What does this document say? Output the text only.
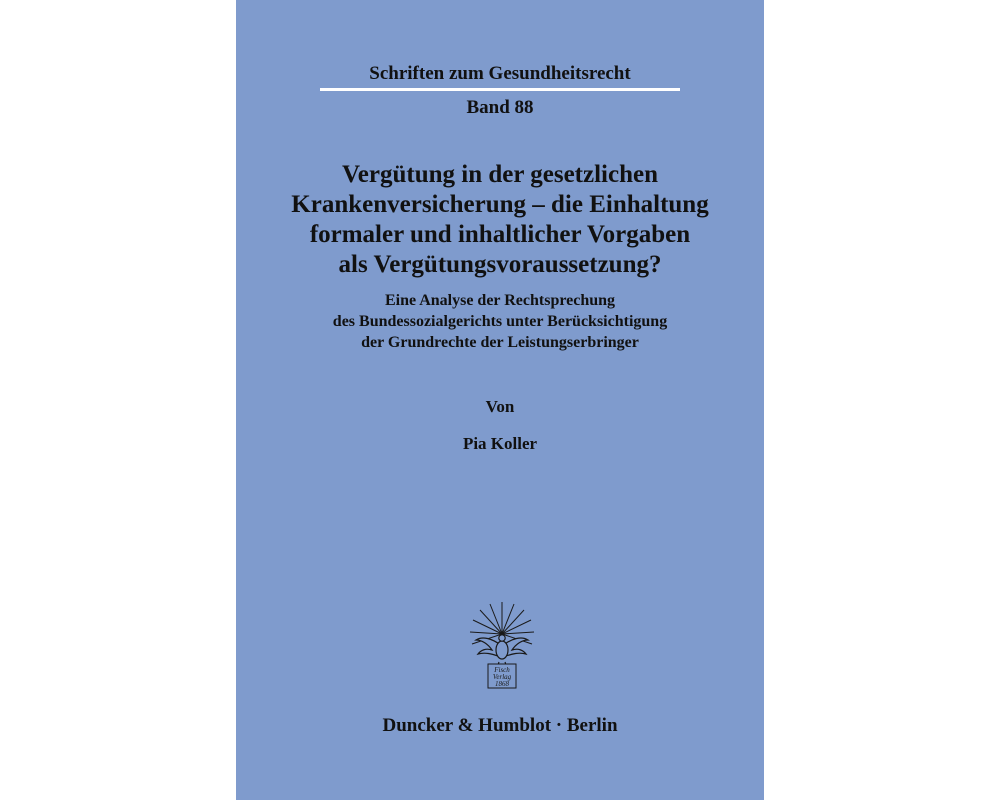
Schriften zum Gesundheitsrecht
Band 88
Vergütung in der gesetzlichen
Krankenversicherung – die Einhaltung
formaler und inhaltlicher Vorgaben
als Vergütungsvoraussetzung?
Eine Analyse der Rechtsprechung
des Bundessozialgerichts unter Berücksichtigung
der Grundrechte der Leistungserbringer
Von
Pia Koller
Fisch
Verlag
1868
Duncker & Humblot · Berlin
